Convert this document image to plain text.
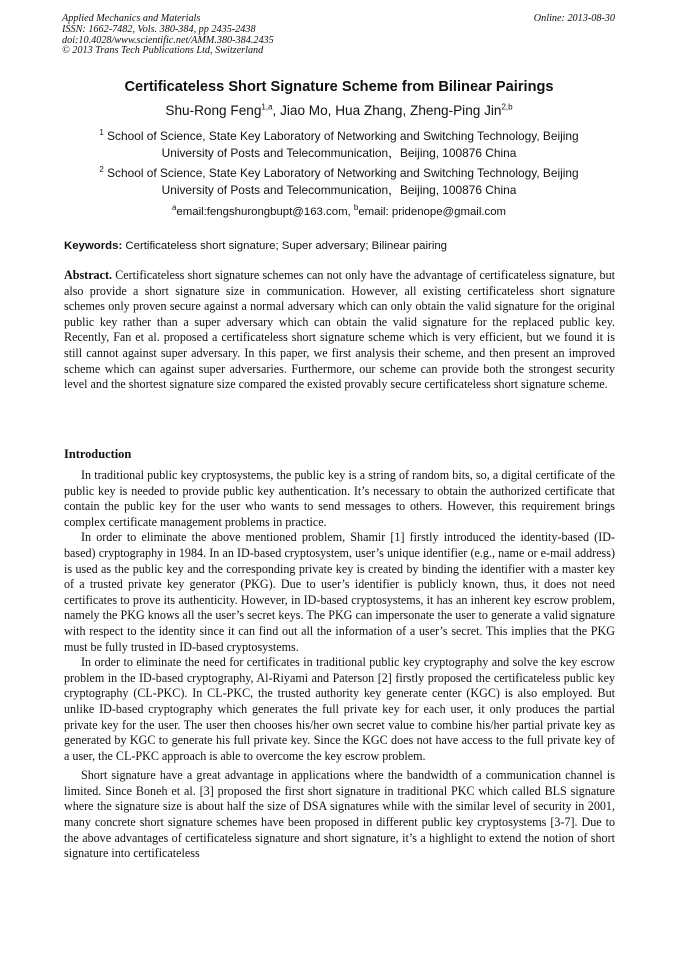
Applied Mechanics and Materials
ISSN: 1662-7482, Vols. 380-384, pp 2435-2438
doi:10.4028/www.scientific.net/AMM.380-384.2435
© 2013 Trans Tech Publications Ltd, Switzerland
Online: 2013-08-30
Certificateless Short Signature Scheme from Bilinear Pairings
Shu-Rong Feng$^{1,a}$, Jiao Mo, Hua Zhang, Zheng-Ping Jin$^{2,b}$
$^1$ School of Science, State Key Laboratory of Networking and Switching Technology, Beijing
University of Posts and Telecommunication，Beijing, 100876 China
$^2$ School of Science, State Key Laboratory of Networking and Switching Technology, Beijing
University of Posts and Telecommunication，Beijing, 100876 China
$^a$email:fengshurongbupt@163.com, $^b$email: pridenope@gmail.com
Keywords: Certificateless short signature; Super adversary; Bilinear pairing

Abstract. Certificateless short signature schemes can not only have the advantage of certificateless signature, but also provide a short signature size in communication. However, all existing certificateless short signature schemes only proven secure against a normal adversary which can only obtain the valid signature for the original public key rather than a super adversary which can obtain the valid signature for the replaced public key. Recently, Fan et al. proposed a certificateless short signature scheme which is very efficient, but we found it is still cannot against super adversary. In this paper, we first analysis their scheme, and then present an improved scheme which can against super adversaries. Furthermore, our scheme can provide both the strongest security level and the shortest signature size compared the existed provably secure certificateless short signature scheme.

Introduction

In traditional public key cryptosystems, the public key is a string of random bits, so, a digital certificate of the public key is needed to provide public key authentication. It’s necessary to obtain the authorized certificate that contain the public key for the user who wants to send messages to others. However, this requirement brings complex certificate management problems in practice.

In order to eliminate the above mentioned problem, Shamir [1] firstly introduced the identity-based (ID-based) cryptography in 1984. In an ID-based cryptosystem, user’s unique identifier (e.g., name or e-mail address) is used as the public key and the corresponding private key is created by binding the identifier with a master key of a trusted private key generator (PKG). Due to user’s identifier is publicly known, thus, it does not need certificates to prove its authenticity. However, in ID-based cryptosystems, it has an inherent key escrow problem, namely the PKG knows all the user’s secret keys. The PKG can impersonate the user to generate a valid signature with respect to the identity since it can find out all the information of a user’s secret. This implies that the PKG must be fully trusted in ID-based cryptosystems.

In order to eliminate the need for certificates in traditional public key cryptography and solve the key escrow problem in the ID-based cryptography, Al-Riyami and Paterson [2] firstly proposed the certificateless public key cryptography (CL-PKC). In CL-PKC, the trusted authority key generate center (KGC) is also employed. But unlike ID-based cryptography which generates the full private key for each user, it only produces the partial private key for the user. The user then chooses his/her own secret value to combine his/her partial private key as generated by KGC to generate his full private key. Since the KGC does not have access to the full private key of a user, the CL-PKC approach is able to overcome the key escrow problem.

Short signature have a great advantage in applications where the bandwidth of a communication channel is limited. Since Boneh et al. [3] proposed the first short signature in traditional PKC which called BLS signature where the signature size is about half the size of DSA signatures while with the similar level of security in 2001, many concrete short signature schemes have been proposed in different public key cryptosystems [3-7]. Due to the above advantages of certificateless signature and short signature, it’s a highlight to extend the notion of short signature into certificateless
